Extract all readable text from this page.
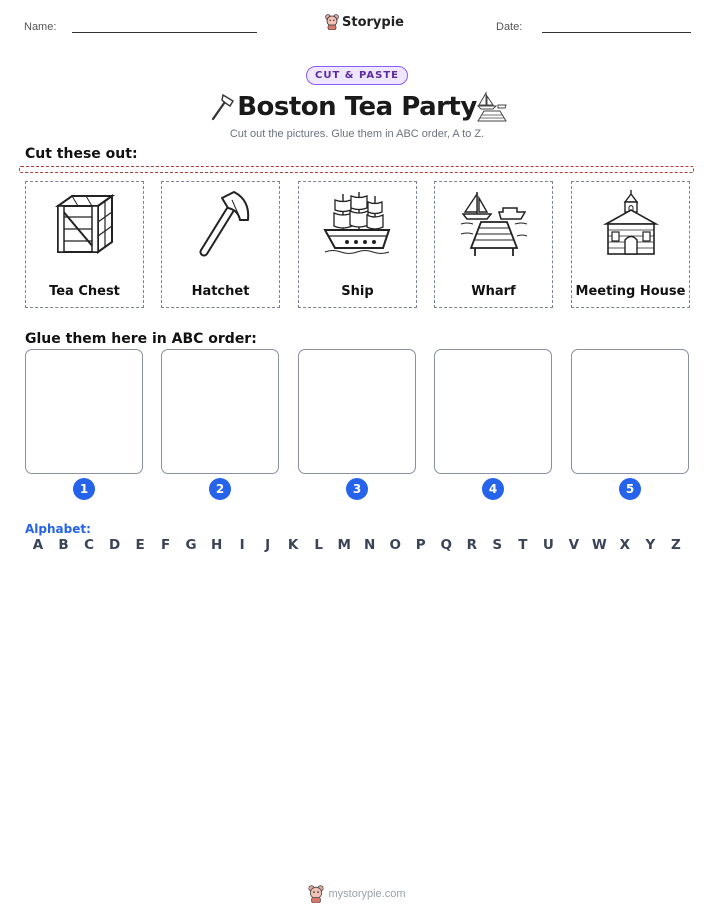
Name:	Storypie	Date:
CUT & PASTE
Boston Tea Party
Cut out the pictures. Glue them in ABC order, A to Z.
Cut these out:
Tea Chest	Hatchet	Ship	Wharf	Meeting House
Glue them here in ABC order:
1	2	3	4	5
Alphabet:
A B C D	E	F	G H	I	J	K	L	M N O P Q R	S	T	U V W X	Y	Z
mystorypie.com
